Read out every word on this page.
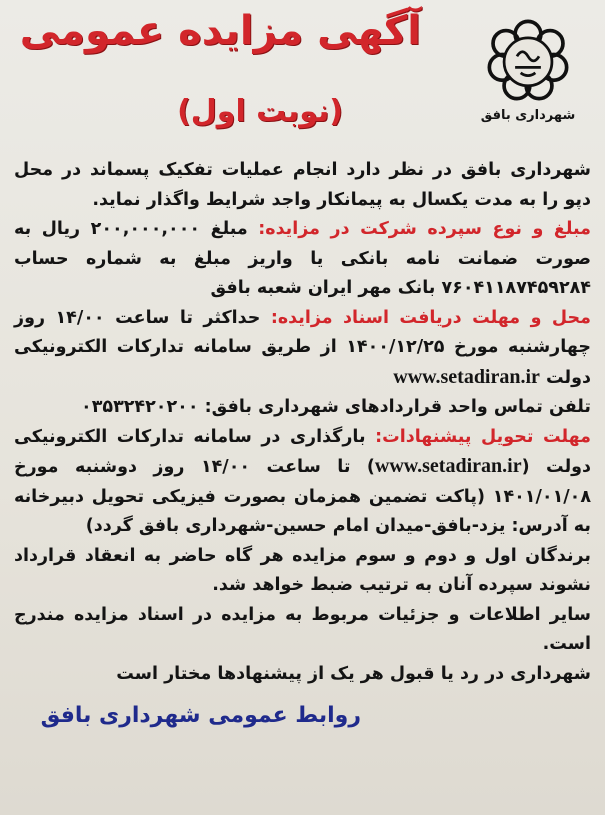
شهرداری بافق
آگهی مزایده عمومی
(نوبت اول)

شهرداری بافق در نظر دارد انجام عملیات تفکیک پسماند در محل دپو را به مدت یکسال به پیمانکار واجد شرایط واگذار نماید.

مبلغ و نوع سپرده شرکت در مزایده: مبلغ ۲۰۰,۰۰۰,۰۰۰ ریال به صورت ضمانت نامه بانکی یا واریز مبلغ به شماره حساب ۷۶۰۴۱۱۸۷۴۵۹۲۸۴ بانک مهر ایران شعبه بافق

محل و مهلت دریافت اسناد مزایده: حداکثر تا ساعت ۱۴/۰۰ روز چهارشنبه مورخ ۱۴۰۰/۱۲/۲۵ از طریق سامانه تدارکات الکترونیکی دولت www.setadiran.ir

تلفن تماس واحد قراردادهای شهرداری بافق: ۰۳۵۳۲۴۲۰۲۰۰

مهلت تحویل پیشنهادات: بارگذاری در سامانه تدارکات الکترونیکی دولت (www.setadiran.ir) تا ساعت ۱۴/۰۰ روز دوشنبه مورخ ۱۴۰۱/۰۱/۰۸ (پاکت تضمین همزمان بصورت فیزیکی تحویل دبیرخانه به آدرس: یزد-بافق-میدان امام حسین-شهرداری بافق گردد)

برندگان اول و دوم و سوم مزایده هر گاه حاضر به انعقاد قرارداد نشوند سپرده آنان به ترتیب ضبط خواهد شد.

سایر اطلاعات و جزئیات مربوط به مزایده در اسناد مزایده مندرج است.

شهرداری در رد یا قبول هر یک از پیشنهادها مختار است

روابط عمومی شهرداری بافق
